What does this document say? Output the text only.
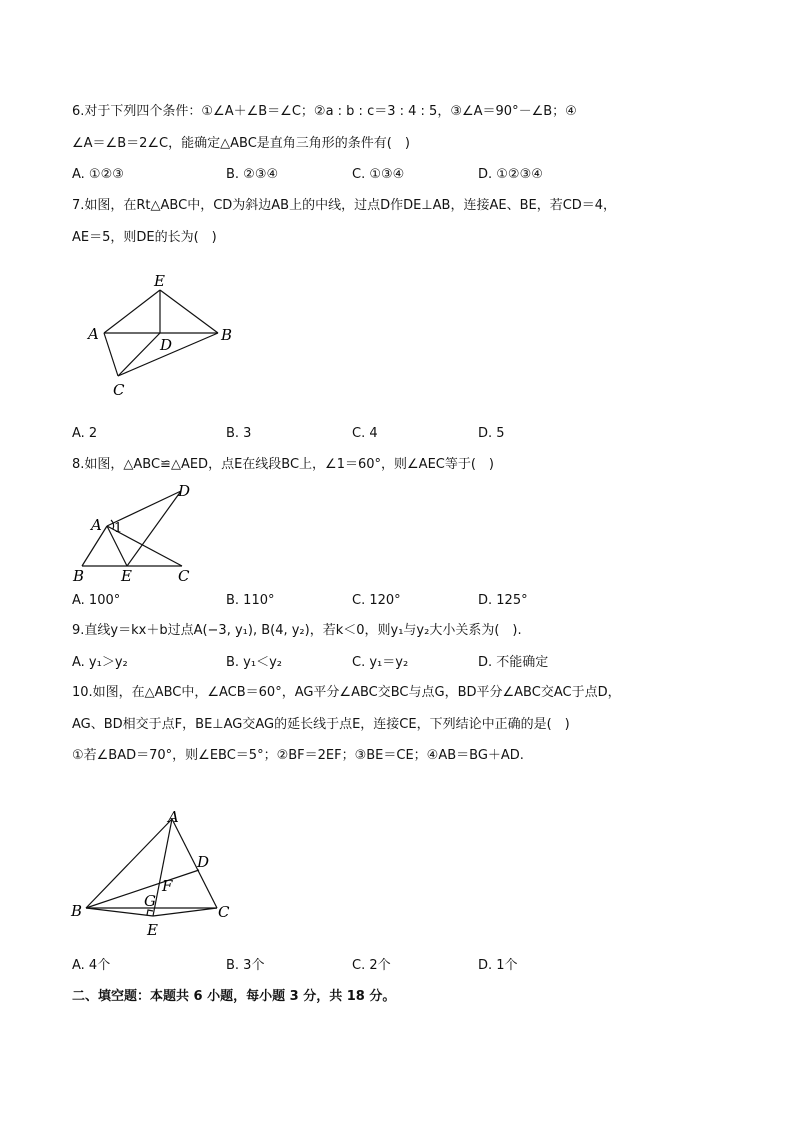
6.对于下列四个条件：①∠A＋∠B＝∠C；②a : b : c＝3 : 4 : 5，③∠A＝90°－∠B；④
∠A＝∠B＝2∠C，能确定△ABC是直角三角形的条件有(　)
A. ①②③	B. ②③④	C. ①③④	D. ①②③④
7.如图，在Rt△ABC中，CD为斜边AB上的中线，过点D作DE⊥AB，连接AE、BE，若CD＝4，
AE＝5，则DE的长为(　)
E
A	B
D
C
A. 2	B. 3	C. 4	D. 5
8.如图，△ABC≌△AED，点E在线段BC上，∠1＝60°，则∠AEC等于(　)
D
A 1
B E	C
A. 100°	B. 110°	C. 120°	D. 125°
9.直线y＝kx＋b过点A(−3, y₁), B(4, y₂)，若k＜0，则y₁与y₂大小关系为(　).
A. y₁＞y₂	B. y₁＜y₂	C. y₁＝y₂	D. 不能确定
10.如图，在△ABC中，∠ACB＝60°，AG平分∠ABC交BC与点G，BD平分∠ABC交AC于点D，
AG、BD相交于点F，BE⊥AG交AG的延长线于点E，连接CE，下列结论中正确的是(　)
①若∠BAD＝70°，则∠EBC＝5°；②BF＝2EF；③BE＝CE；④AB＝BG＋AD.
A
D
F
G
B	C
E
A. 4个	B. 3个	C. 2个	D. 1个
二、填空题：本题共 6 小题，每小题 3 分，共 18 分。
